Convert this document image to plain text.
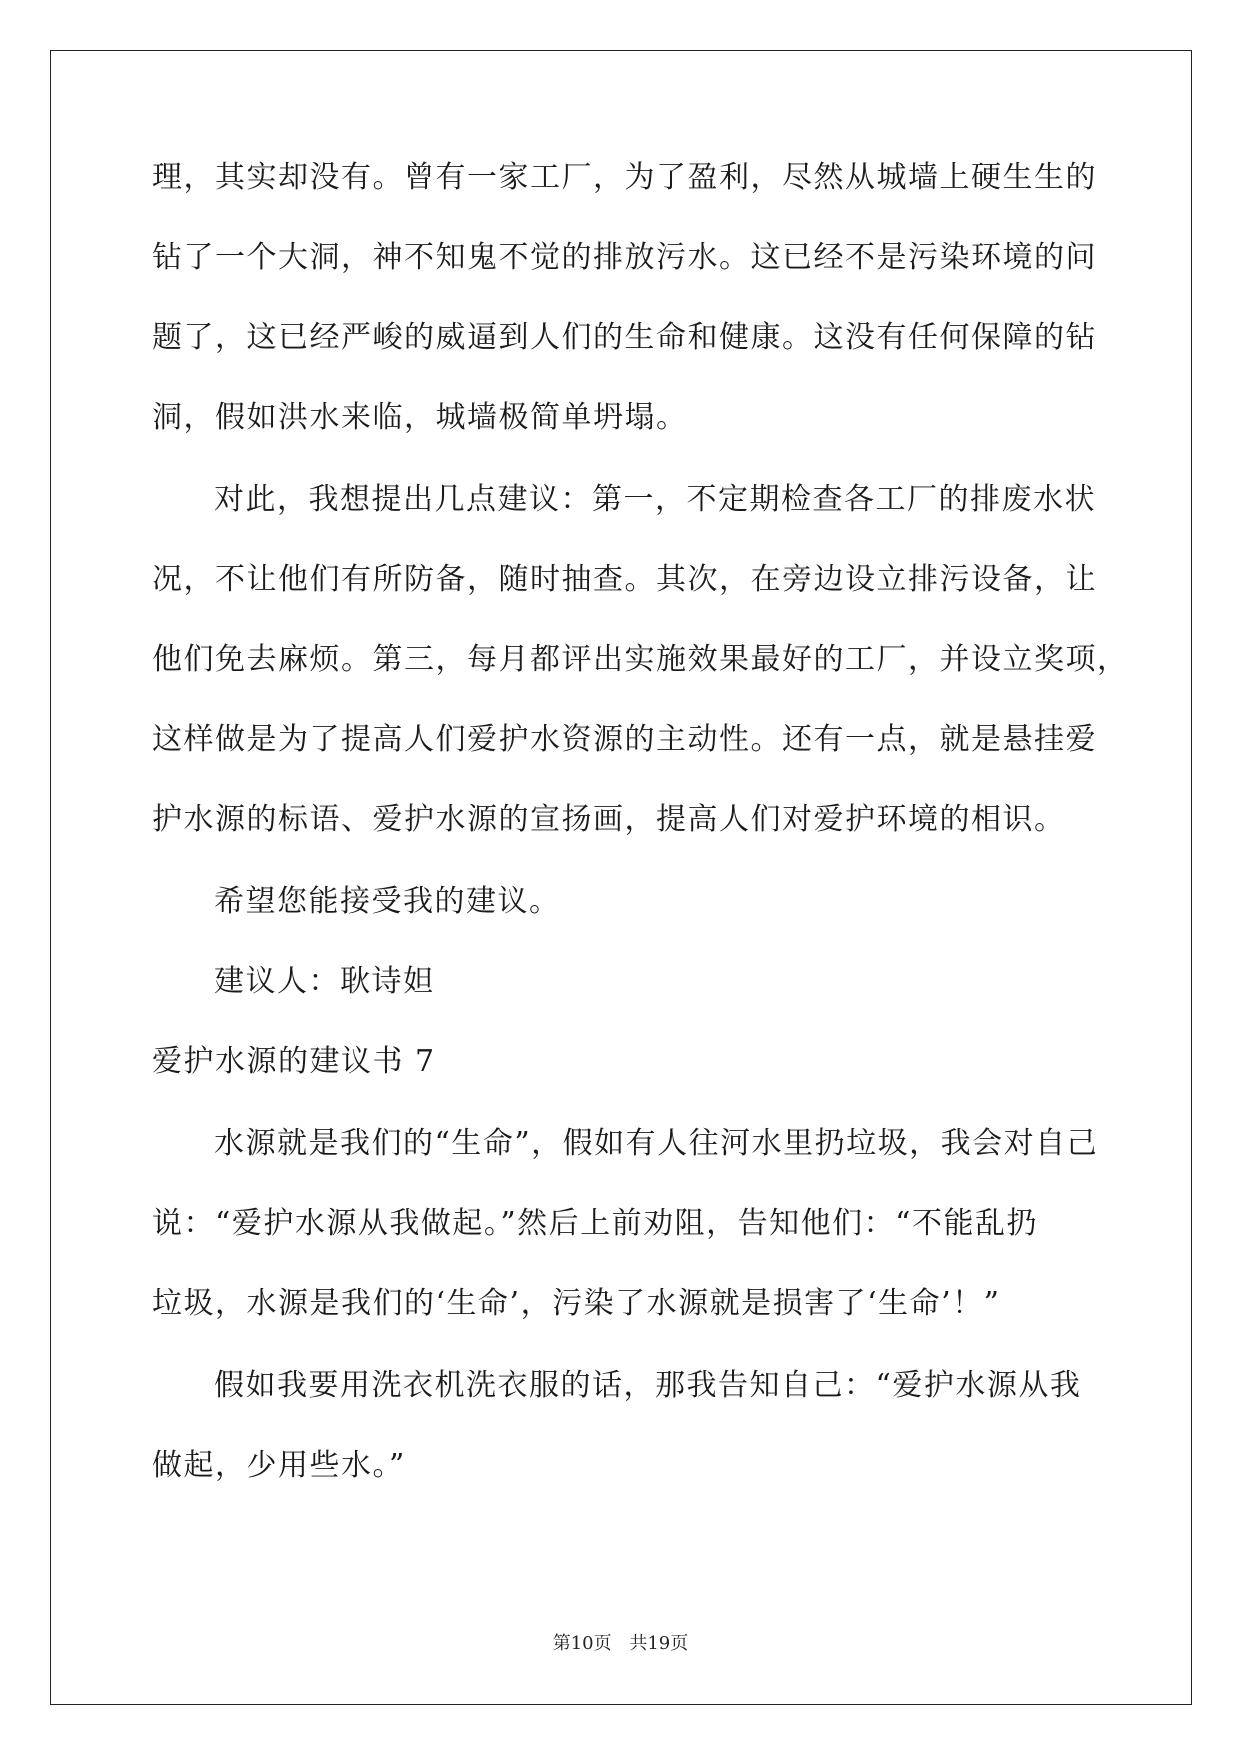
理，其实却没有。曾有一家工厂，为了盈利，尽然从城墙上硬生生的

钻了一个大洞，神不知鬼不觉的排放污水。这已经不是污染环境的问

题了，这已经严峻的威逼到人们的生命和健康。这没有任何保障的钻

洞，假如洪水来临，城墙极简单坍塌。

对此，我想提出几点建议：第一，不定期检查各工厂的排废水状

况，不让他们有所防备，随时抽查。其次，在旁边设立排污设备，让

他们免去麻烦。第三，每月都评出实施效果最好的工厂，并设立奖项，

这样做是为了提高人们爱护水资源的主动性。还有一点，就是悬挂爱

护水源的标语、爱护水源的宣扬画，提高人们对爱护环境的相识。

希望您能接受我的建议。

建议人：耿诗妲

爱护水源的建议书 7

水源就是我们的“生命”，假如有人往河水里扔垃圾，我会对自己

说：“爱护水源从我做起。”然后上前劝阻，告知他们：“不能乱扔

垃圾，水源是我们的‘生命’，污染了水源就是损害了‘生命’！”

假如我要用洗衣机洗衣服的话，那我告知自己：“爱护水源从我

做起，少用些水。”

第10页 共19页
